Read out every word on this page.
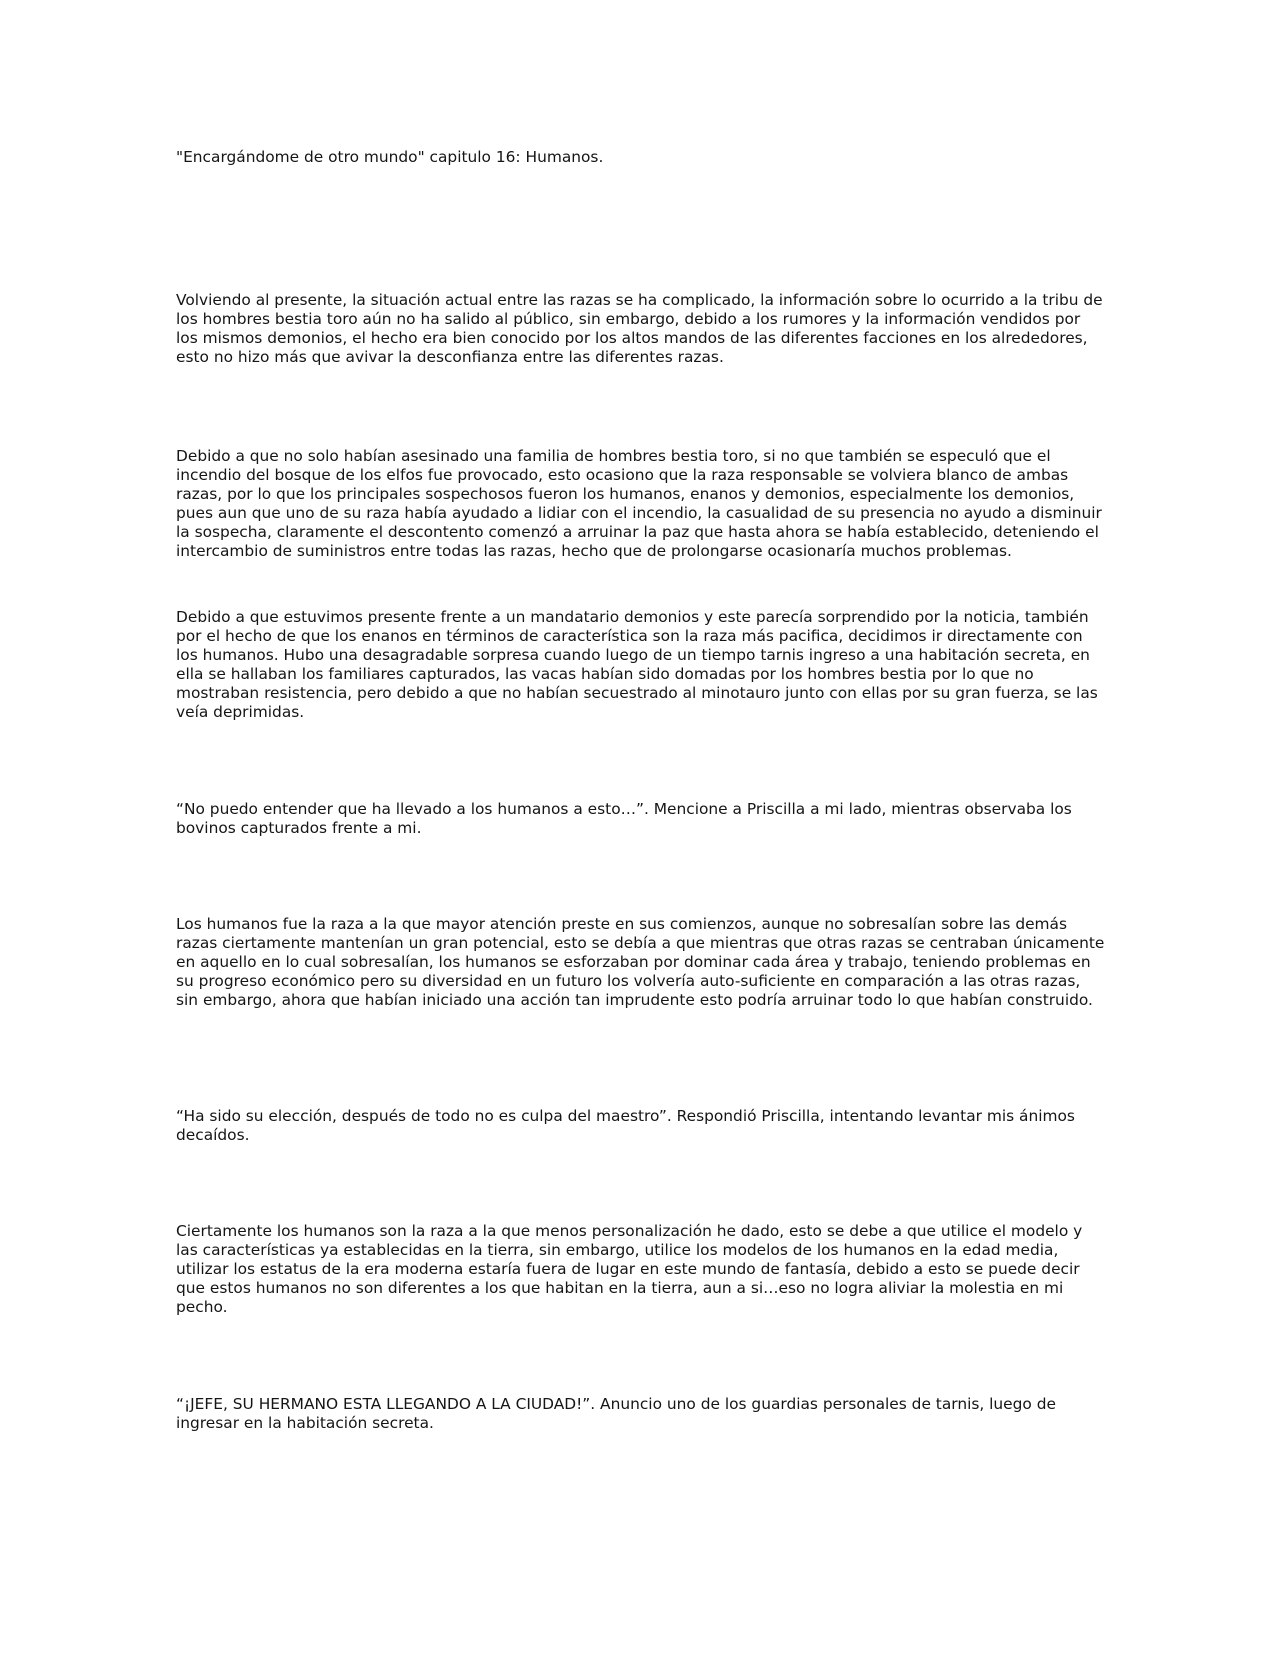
"Encargándome de otro mundo" capitulo 16: Humanos.

Volviendo al presente, la situación actual entre las razas se ha complicado, la información sobre lo ocurrido a la tribu de los hombres bestia toro aún no ha salido al público, sin embargo, debido a los rumores y la información vendidos por los mismos demonios, el hecho era bien conocido por los altos mandos de las diferentes facciones en los alrededores, esto no hizo más que avivar la desconfianza entre las diferentes razas.

Debido a que no solo habían asesinado una familia de hombres bestia toro, si no que también se especuló que el incendio del bosque de los elfos fue provocado, esto ocasiono que la raza responsable se volviera blanco de ambas razas, por lo que los principales sospechosos fueron los humanos, enanos y demonios, especialmente los demonios, pues aun que uno de su raza había ayudado a lidiar con el incendio, la casualidad de su presencia no ayudo a disminuir la sospecha, claramente el descontento comenzó a arruinar la paz que hasta ahora se había establecido, deteniendo el intercambio de suministros entre todas las razas, hecho que de prolongarse ocasionaría muchos problemas.

Debido a que estuvimos presente frente a un mandatario demonios y este parecía sorprendido por la noticia, también por el hecho de que los enanos en términos de característica son la raza más pacifica, decidimos ir directamente con los humanos. Hubo una desagradable sorpresa cuando luego de un tiempo tarnis ingreso a una habitación secreta, en ella se hallaban los familiares capturados, las vacas habían sido domadas por los hombres bestia por lo que no mostraban resistencia, pero debido a que no habían secuestrado al minotauro junto con ellas por su gran fuerza, se las veía deprimidas.

“No puedo entender que ha llevado a los humanos a esto…”. Mencione a Priscilla a mi lado, mientras observaba los bovinos capturados frente a mi.

Los humanos fue la raza a la que mayor atención preste en sus comienzos, aunque no sobresalían sobre las demás razas ciertamente mantenían un gran potencial, esto se debía a que mientras que otras razas se centraban únicamente en aquello en lo cual sobresalían, los humanos se esforzaban por dominar cada área y trabajo, teniendo problemas en su progreso económico pero su diversidad en un futuro los volvería auto-suficiente en comparación a las otras razas, sin embargo, ahora que habían iniciado una acción tan imprudente esto podría arruinar todo lo que habían construido.

“Ha sido su elección, después de todo no es culpa del maestro”. Respondió Priscilla, intentando levantar mis ánimos decaídos.

Ciertamente los humanos son la raza a la que menos personalización he dado, esto se debe a que utilice el modelo y las características ya establecidas en la tierra, sin embargo, utilice los modelos de los humanos en la edad media, utilizar los estatus de la era moderna estaría fuera de lugar en este mundo de fantasía, debido a esto se puede decir que estos humanos no son diferentes a los que habitan en la tierra, aun a si…eso no logra aliviar la molestia en mi pecho.

“¡JEFE, SU HERMANO ESTA LLEGANDO A LA CIUDAD!”. Anuncio uno de los guardias personales de tarnis, luego de ingresar en la habitación secreta.
